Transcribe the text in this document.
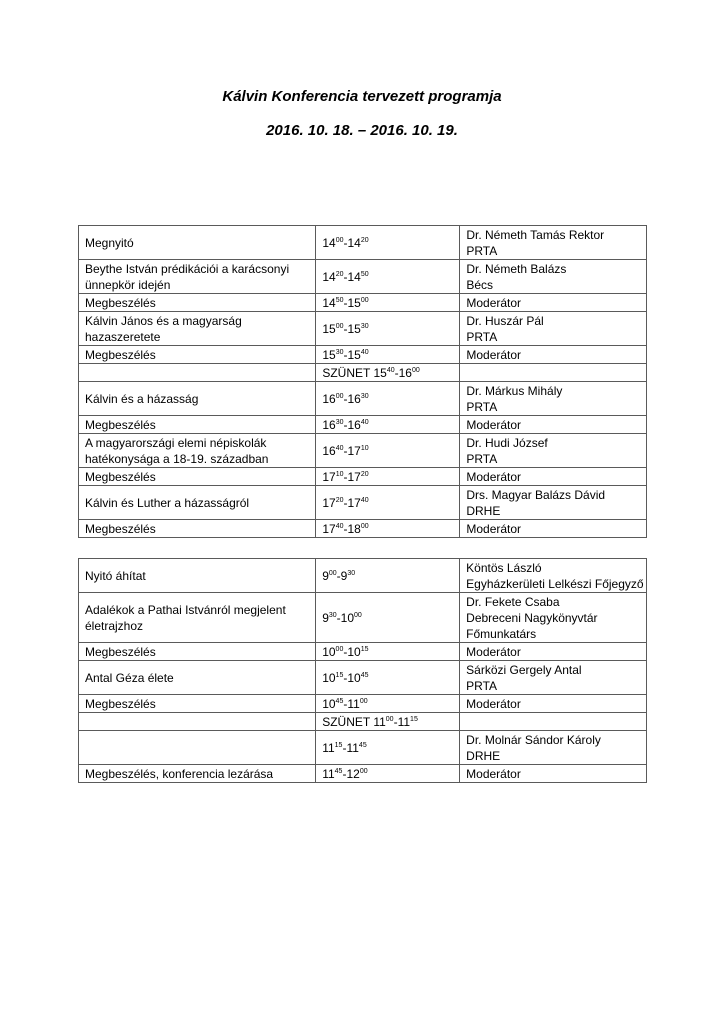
Kálvin Konferencia tervezett programja
2016. 10. 18. – 2016. 10. 19.
Megnyitó	$14^{00}-14^{20}$	Dr. Németh Tamás Rektor
PRTA
Beythe István prédikációi a karácsonyi
ünnepkör idején	$14^{20}-14^{50}$	Dr. Németh Balázs
Bécs
Megbeszélés	$14^{50}-15^{00}$	Moderátor
Kálvin János és a magyarság
hazaszeretete	$15^{00}-15^{30}$	Dr. Huszár Pál
PRTA
Megbeszélés	$15^{30}-15^{40}$	Moderátor
	SZÜNET $15^{40}-16^{00}$	
Kálvin és a házasság	$16^{00}-16^{30}$	Dr. Márkus Mihály
PRTA
Megbeszélés	$16^{30}-16^{40}$	Moderátor
A magyarországi elemi népiskolák
hatékonysága a 18-19. században	$16^{40}-17^{10}$	Dr. Hudi József
PRTA
Megbeszélés	$17^{10}-17^{20}$	Moderátor
Kálvin és Luther a házasságról	$17^{20}-17^{40}$	Drs. Magyar Balázs Dávid
DRHE
Megbeszélés	$17^{40}-18^{00}$	Moderátor
Nyitó áhítat	$9^{00}-9^{30}$	Köntös László
Egyházkerületi Lelkészi Főjegyző
Adalékok a Pathai Istvánról megjelent
életrajzhoz	$9^{30}-10^{00}$	Dr. Fekete Csaba
Debreceni Nagykönyvtár
Főmunkatárs
Megbeszélés	$10^{00}-10^{15}$	Moderátor
Antal Géza élete	$10^{15}-10^{45}$	Sárközi Gergely Antal
PRTA
Megbeszélés	$10^{45}-11^{00}$	Moderátor
	SZÜNET $11^{00}-11^{15}$	
	$11^{15}-11^{45}$	Dr. Molnár Sándor Károly
DRHE
Megbeszélés, konferencia lezárása	$11^{45}-12^{00}$	Moderátor
